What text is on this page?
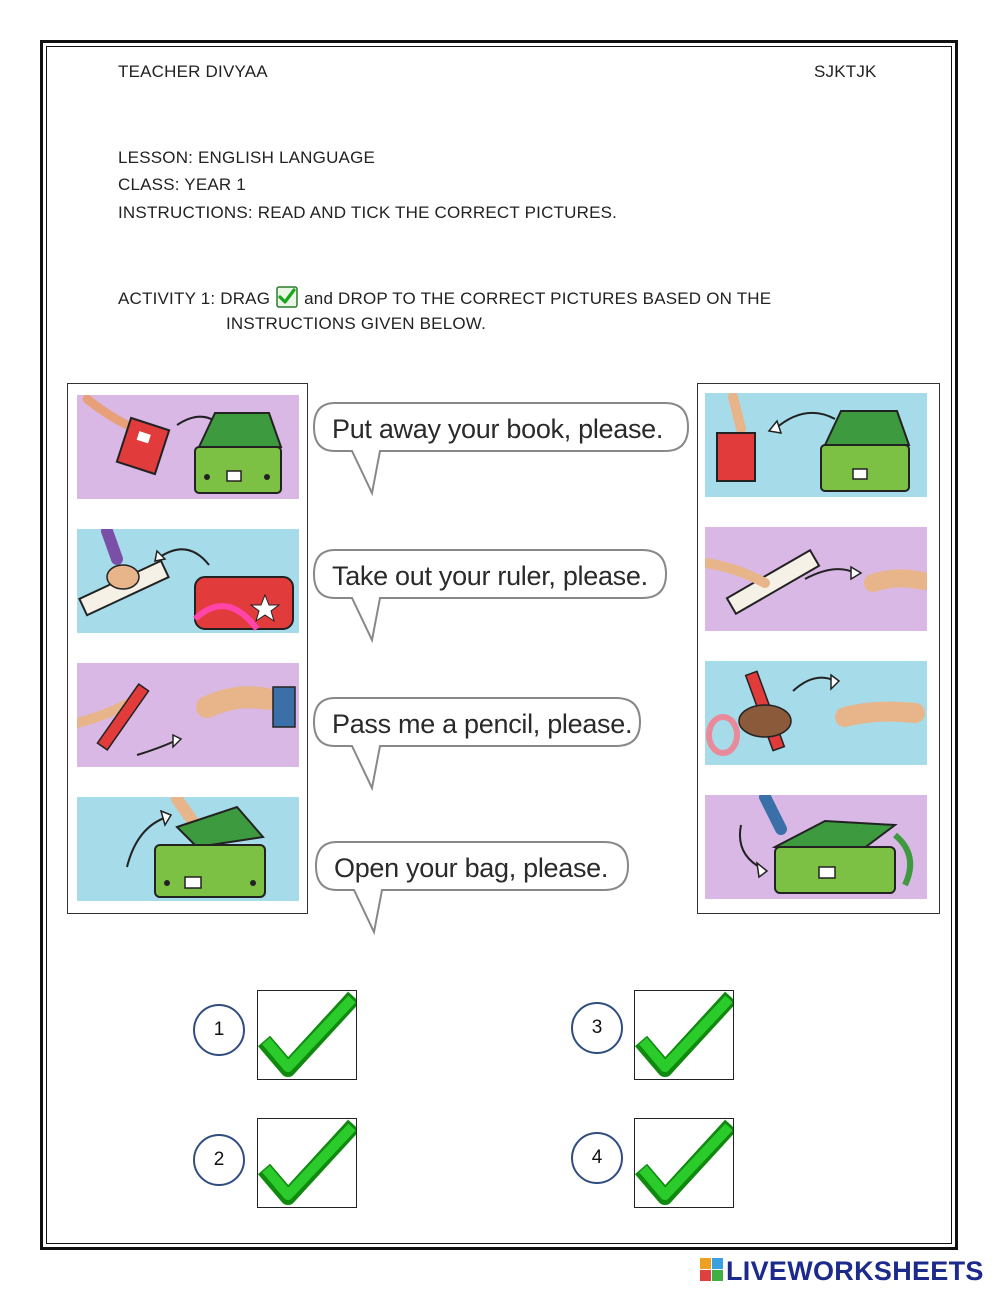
TEACHER DIVYAA	SJKTJK
LESSON: ENGLISH LANGUAGE
CLASS: YEAR 1
INSTRUCTIONS: READ AND TICK THE CORRECT PICTURES.
ACTIVITY 1: DRAG and DROP TO THE CORRECT PICTURES BASED ON THE
INSTRUCTIONS GIVEN BELOW.
Put away your book, please.
Take out your ruler, please.
Pass me a pencil, please.
Open your bag, please.
1
2
3
4
LIVEWORKSHEETS
